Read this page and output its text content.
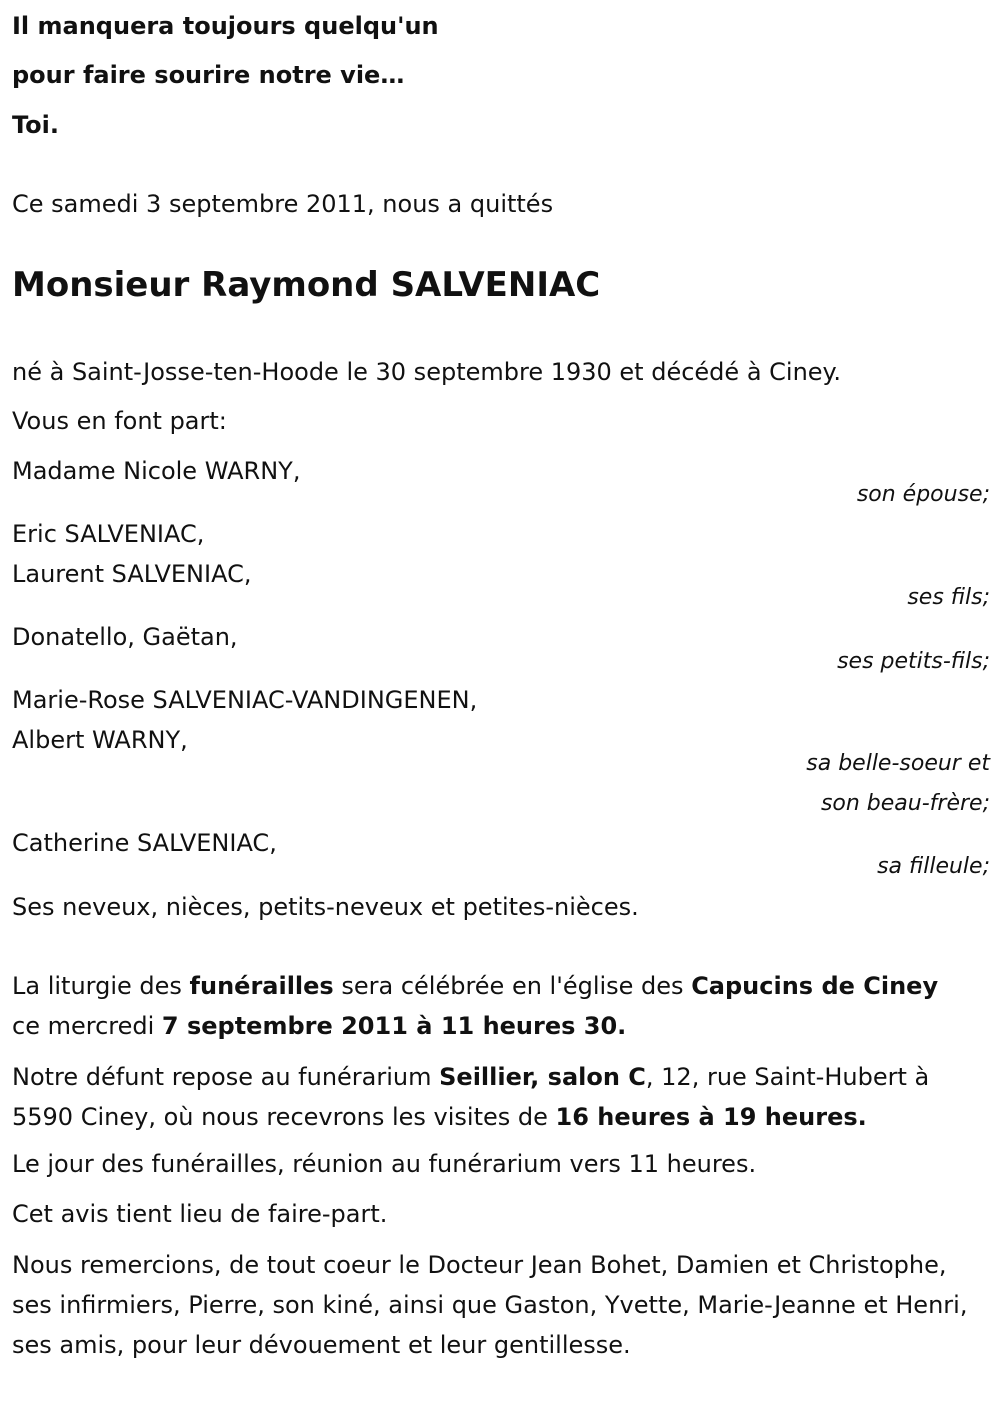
Il manquera toujours quelqu'un
pour faire sourire notre vie…
Toi.
Ce samedi 3 septembre 2011, nous a quittés
Monsieur Raymond SALVENIAC
né à Saint-Josse-ten-Hoode le 30 septembre 1930 et décédé à Ciney.
Vous en font part:
Madame Nicole WARNY,
son épouse;
Eric SALVENIAC,
Laurent SALVENIAC,
ses fils;
Donatello, Gaëtan,
ses petits-fils;
Marie-Rose SALVENIAC-VANDINGENEN,
Albert WARNY,
sa belle-soeur et
son beau-frère;
Catherine SALVENIAC,
sa filleule;
Ses neveux, nièces, petits-neveux et petites-nièces.
La liturgie des funérailles sera célébrée en l'église des Capucins de Ciney ce mercredi 7 septembre 2011 à 11 heures 30.
Notre défunt repose au funérarium Seillier, salon C, 12, rue Saint-Hubert à 5590 Ciney, où nous recevrons les visites de 16 heures à 19 heures.
Le jour des funérailles, réunion au funérarium vers 11 heures.
Cet avis tient lieu de faire-part.
Nous remercions, de tout coeur le Docteur Jean Bohet, Damien et Christophe, ses infirmiers, Pierre, son kiné, ainsi que Gaston, Yvette, Marie-Jeanne et Henri, ses amis, pour leur dévouement et leur gentillesse.
